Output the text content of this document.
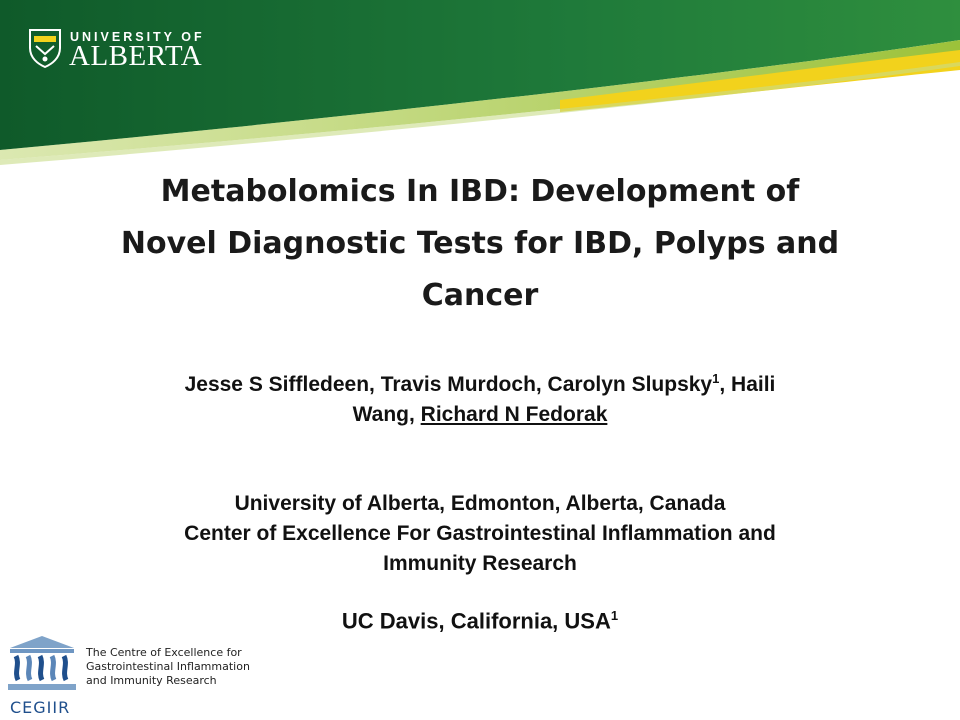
UNIVERSITY OF
ALBERTA
Metabolomics In IBD: Development of
Novel Diagnostic Tests for IBD, Polyps and
Cancer
Jesse S Siffledeen, Travis Murdoch, Carolyn Slupsky$^1$, Haili
Wang, Richard N Fedorak
University of Alberta, Edmonton, Alberta, Canada
Center of Excellence For Gastrointestinal Inflammation and
Immunity Research
UC Davis, California, USA$^1$
CEGIIR
The Centre of Excellence for
Gastrointestinal Inflammation
and Immunity Research
